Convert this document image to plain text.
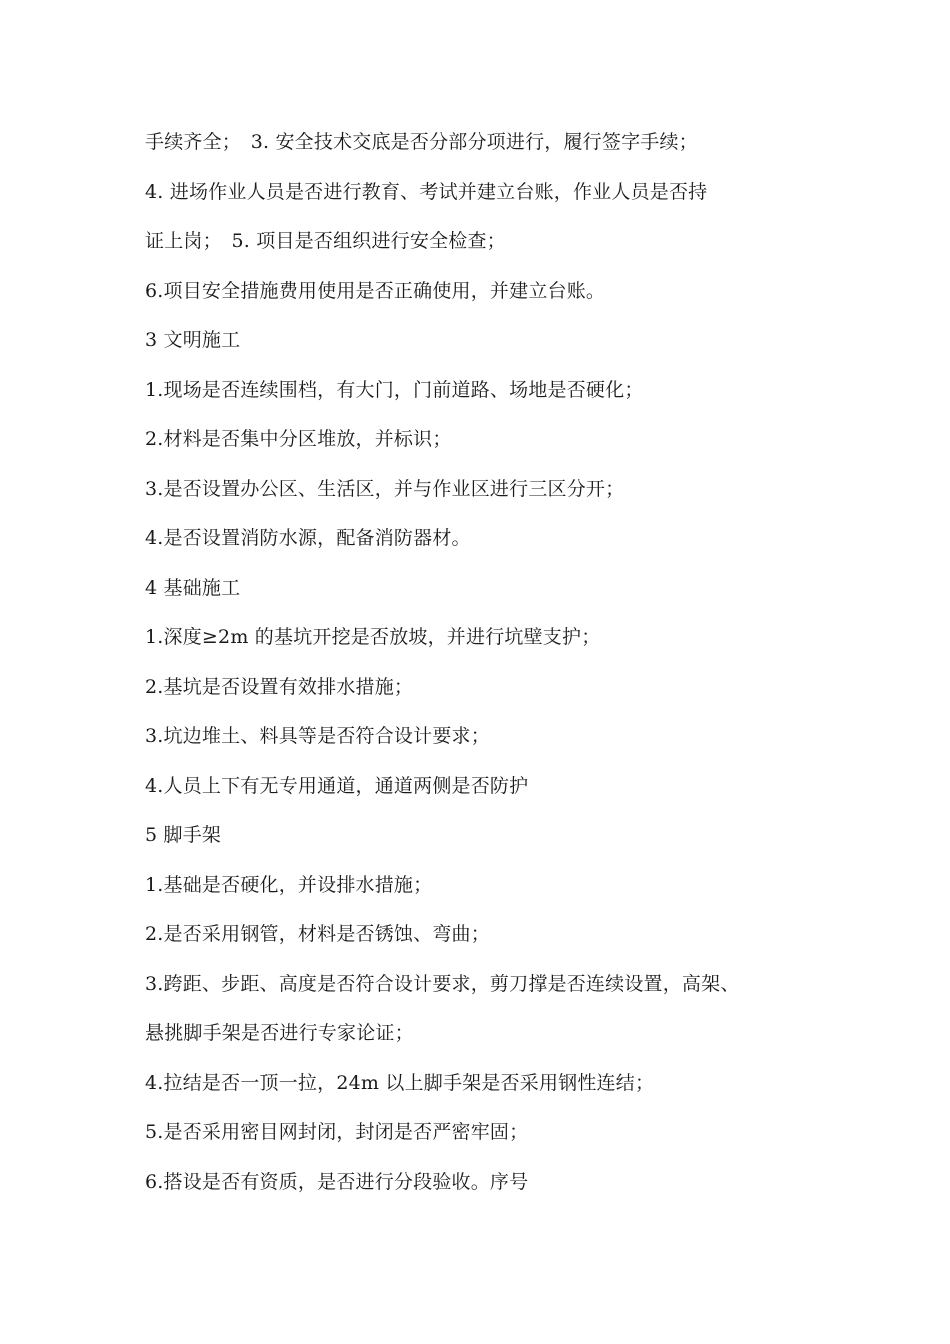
手续齐全；　3. 安全技术交底是否分部分项进行，履行签字手续；
4. 进场作业人员是否进行教育、考试并建立台账，作业人员是否持
证上岗；　5. 项目是否组织进行安全检查；
6.项目安全措施费用使用是否正确使用，并建立台账。
3 文明施工
1.现场是否连续围档，有大门，门前道路、场地是否硬化；
2.材料是否集中分区堆放，并标识；
3.是否设置办公区、生活区，并与作业区进行三区分开；
4.是否设置消防水源，配备消防器材。
4 基础施工
1.深度≥2m 的基坑开挖是否放坡，并进行坑壁支护；
2.基坑是否设置有效排水措施；
3.坑边堆土、料具等是否符合设计要求；
4.人员上下有无专用通道，通道两侧是否防护
5 脚手架
1.基础是否硬化，并设排水措施；
2.是否采用钢管，材料是否锈蚀、弯曲；
3.跨距、步距、高度是否符合设计要求，剪刀撑是否连续设置，高架、
悬挑脚手架是否进行专家论证；
4.拉结是否一顶一拉，24m 以上脚手架是否采用钢性连结；
5.是否采用密目网封闭，封闭是否严密牢固；
6.搭设是否有资质，是否进行分段验收。序号
